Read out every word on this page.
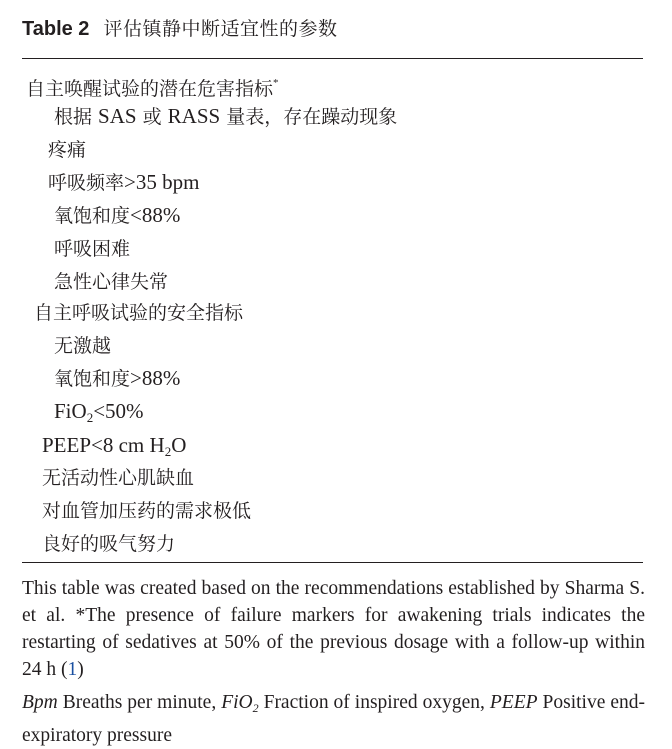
Table 2 评估镇静中断适宜性的参数
自主唤醒试验的潜在危害指标*
根据 SAS 或 RASS 量表，存在躁动现象
疼痛
呼吸频率>35 bpm
氧饱和度<88%
呼吸困难
急性心律失常
自主呼吸试验的安全指标
无激越
氧饱和度>88%
FiO$_2$<50%
PEEP<8 cm $H_2O$
无活动性心肌缺血
对血管加压药的需求极低
良好的吸气努力

This table was created based on the recommendations established by Sharma S. et al. *The presence of failure markers for awakening trials indicates the restarting of sedatives at 50% of the previous dosage with a follow-up within 24 h (1)

Bpm Breaths per minute, FiO$_2$ Fraction of inspired oxygen, PEEP Positive end-expiratory pressure
